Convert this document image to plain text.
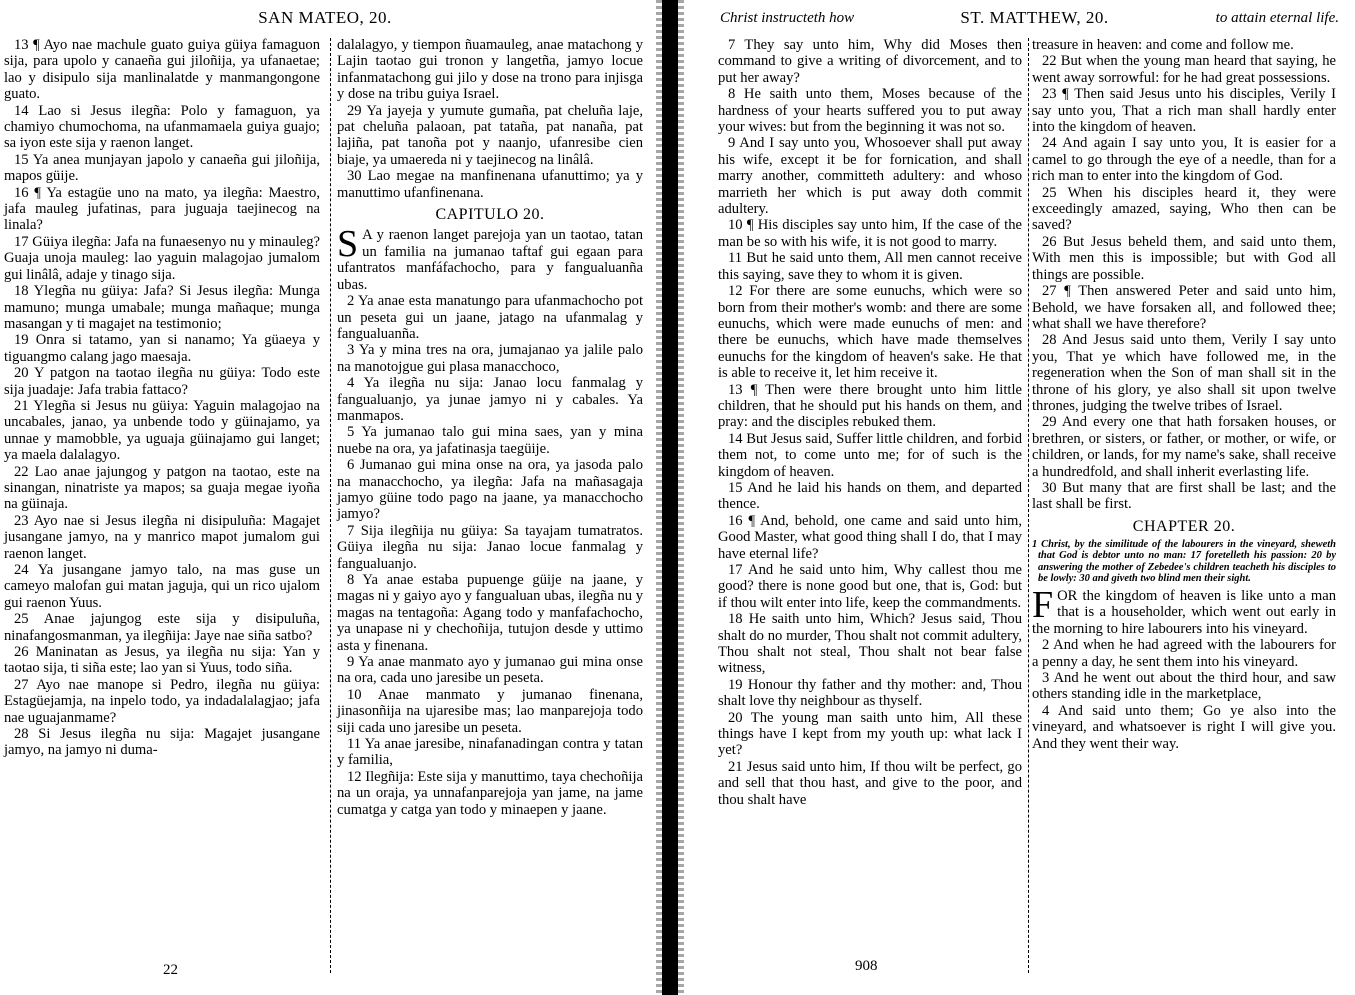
SAN MATEO, 20.

13 ¶ Ayo nae machule guato guiya güiya famaguon sija, para upolo y canaeña gui jiloñija, ya ufanaetae; lao y disipulo sija manlinalatde y manmangongone guato.

14 Lao si Jesus ilegña: Polo y famaguon, ya chamiyo chumochoma, na ufanmamaela guiya guajo; sa iyon este sija y raenon langet.

15 Ya anea munjayan japolo y canaeña gui jiloñija, mapos güije.

16 ¶ Ya estagüe uno na mato, ya ilegña: Maestro, jafa mauleg jufatinas, para juguaja taejinecog na linala?

17 Güiya ilegña: Jafa na funaesenyo nu y minauleg? Guaja unoja mauleg: lao yaguin malagojao jumalom gui linâlâ, adaje y tinago sija.

18 Ylegña nu güiya: Jafa? Si Jesus ilegña: Munga mamuno; munga umabale; munga mañaque; munga masangan y ti magajet na testimonio;

19 Onra si tatamo, yan si nanamo; Ya güaeya y tiguangmo calang jago maesaja.

20 Y patgon na taotao ilegña nu güiya: Todo este sija juadaje: Jafa trabia fattaco?

21 Ylegña si Jesus nu güiya: Yaguin malagojao na uncabales, janao, ya unbende todo y güinajamo, ya unnae y mamobble, ya uguaja güinajamo gui langet; ya maela dalalagyo.

22 Lao anae jajungog y patgon na taotao, este na sinangan, ninatriste ya mapos; sa guaja megae iyoña na güinaja.

23 Ayo nae si Jesus ilegña ni disipuluña: Magajet jusangane jamyo, na y manrico mapot jumalom gui raenon langet.

24 Ya jusangane jamyo talo, na mas guse un cameyo malofan gui matan jaguja, qui un rico ujalom gui raenon Yuus.

25 Anae jajungog este sija y disipuluña, ninafangosmanman, ya ilegñija: Jaye nae siña satbo?

26 Maninatan as Jesus, ya ilegña nu sija: Yan y taotao sija, ti siña este; lao yan si Yuus, todo siña.

27 Ayo nae manope si Pedro, ilegña nu güiya: Estagüejamja, na inpelo todo, ya indadalalagjao; jafa nae uguajanmame?

28 Si Jesus ilegña nu sija: Magajet jusangane jamyo, na jamyo ni duma-

dalalagyo, y tiempon ñuamauleg, anae matachong y Lajin taotao gui tronon y langetña, jamyo locue infanmatachong gui jilo y dose na trono para injisga y dose na tribu guiya Israel.

29 Ya jayeja y yumute gumaña, pat cheluña laje, pat cheluña palaoan, pat tataña, pat nanaña, pat lajiña, pat tanoña pot y naanjo, ufanresibe cien biaje, ya umaereda ni y taejinecog na linâlâ.

30 Lao megae na manfinenana ufanuttimo; ya y manuttimo ufanfinenana.

CAPITULO 20.

S A y raenon langet parejoja yan un taotao, tatan un familia na jumanao taftaf gui egaan para ufantratos manfáfachocho, para y fangualuanña ubas.

2 Ya anae esta manatungo para ufanmachocho pot un peseta gui un jaane, jatago na ufanmalag y fangualuanña.

3 Ya y mina tres na ora, jumajanao ya jalile palo na manotojgue gui plasa manacchoco,

4 Ya ilegña nu sija: Janao locu fanmalag y fangualuanjo, ya junae jamyo ni y cabales. Ya manmapos.

5 Ya jumanao talo gui mina saes, yan y mina nuebe na ora, ya jafatinasja taegüije.

6 Jumanao gui mina onse na ora, ya jasoda palo na manacchocho, ya ilegña: Jafa na mañasagaja jamyo güine todo pago na jaane, ya manacchocho jamyo?

7 Sija ilegñija nu güiya: Sa tayajam tumatratos. Güiya ilegña nu sija: Janao locue fanmalag y fangualuanjo.

8 Ya anae estaba pupuenge güije na jaane, y magas ni y gaiyo ayo y fangualuan ubas, ilegña nu y magas na tentagoña: Agang todo y manfafachocho, ya unapase ni y chechoñija, tutujon desde y uttimo asta y finenana.

9 Ya anae manmato ayo y jumanao gui mina onse na ora, cada uno jaresibe un peseta.

10 Anae manmato y jumanao finenana, jinasonñija na ujaresibe mas; lao manparejoja todo siji cada uno jaresibe un peseta.

11 Ya anae jaresibe, ninafanadingan contra y tatan y familia,

12 Ilegñija: Este sija y manuttimo, taya chechoñija na un oraja, ya unnafanparejoja yan jame, na jame cumatga y catga yan todo y minaepen y jaane.

22
Christ instructeth how	ST. MATTHEW, 20.	to attain eternal life.

7 They say unto him, Why did Moses then command to give a writing of divorcement, and to put her away?

8 He saith unto them, Moses because of the hardness of your hearts suffered you to put away your wives: but from the beginning it was not so.

9 And I say unto you, Whosoever shall put away his wife, except it be for fornication, and shall marry another, committeth adultery: and whoso marrieth her which is put away doth commit adultery.

10 ¶ His disciples say unto him, If the case of the man be so with his wife, it is not good to marry.

11 But he said unto them, All men cannot receive this saying, save they to whom it is given.

12 For there are some eunuchs, which were so born from their mother's womb: and there are some eunuchs, which were made eunuchs of men: and there be eunuchs, which have made themselves eunuchs for the kingdom of heaven's sake. He that is able to receive it, let him receive it.

13 ¶ Then were there brought unto him little children, that he should put his hands on them, and pray: and the disciples rebuked them.

14 But Jesus said, Suffer little children, and forbid them not, to come unto me; for of such is the kingdom of heaven.

15 And he laid his hands on them, and departed thence.

16 ¶ And, behold, one came and said unto him, Good Master, what good thing shall I do, that I may have eternal life?

17 And he said unto him, Why callest thou me good? there is none good but one, that is, God: but if thou wilt enter into life, keep the commandments.

18 He saith unto him, Which? Jesus said, Thou shalt do no murder, Thou shalt not commit adultery, Thou shalt not steal, Thou shalt not bear false witness,

19 Honour thy father and thy mother: and, Thou shalt love thy neighbour as thyself.

20 The young man saith unto him, All these things have I kept from my youth up: what lack I yet?

21 Jesus said unto him, If thou wilt be perfect, go and sell that thou hast, and give to the poor, and thou shalt have

treasure in heaven: and come and follow me.

22 But when the young man heard that saying, he went away sorrowful: for he had great possessions.

23 ¶ Then said Jesus unto his disciples, Verily I say unto you, That a rich man shall hardly enter into the kingdom of heaven.

24 And again I say unto you, It is easier for a camel to go through the eye of a needle, than for a rich man to enter into the kingdom of God.

25 When his disciples heard it, they were exceedingly amazed, saying, Who then can be saved?

26 But Jesus beheld them, and said unto them, With men this is impossible; but with God all things are possible.

27 ¶ Then answered Peter and said unto him, Behold, we have forsaken all, and followed thee; what shall we have therefore?

28 And Jesus said unto them, Verily I say unto you, That ye which have followed me, in the regeneration when the Son of man shall sit in the throne of his glory, ye also shall sit upon twelve thrones, judging the twelve tribes of Israel.

29 And every one that hath forsaken houses, or brethren, or sisters, or father, or mother, or wife, or children, or lands, for my name's sake, shall receive a hundredfold, and shall inherit everlasting life.

30 But many that are first shall be last; and the last shall be first.

CHAPTER 20.

1 Christ, by the similitude of the labourers in the vineyard, sheweth that God is debtor unto no man: 17 foretelleth his passion: 20 by answering the mother of Zebedee's children teacheth his disciples to be lowly: 30 and giveth two blind men their sight.

FOR the kingdom of heaven is like unto a man that is a householder, which went out early in the morning to hire labourers into his vineyard.

2 And when he had agreed with the labourers for a penny a day, he sent them into his vineyard.

3 And he went out about the third hour, and saw others standing idle in the marketplace,

4 And said unto them; Go ye also into the vineyard, and whatsoever is right I will give you. And they went their way.

908
